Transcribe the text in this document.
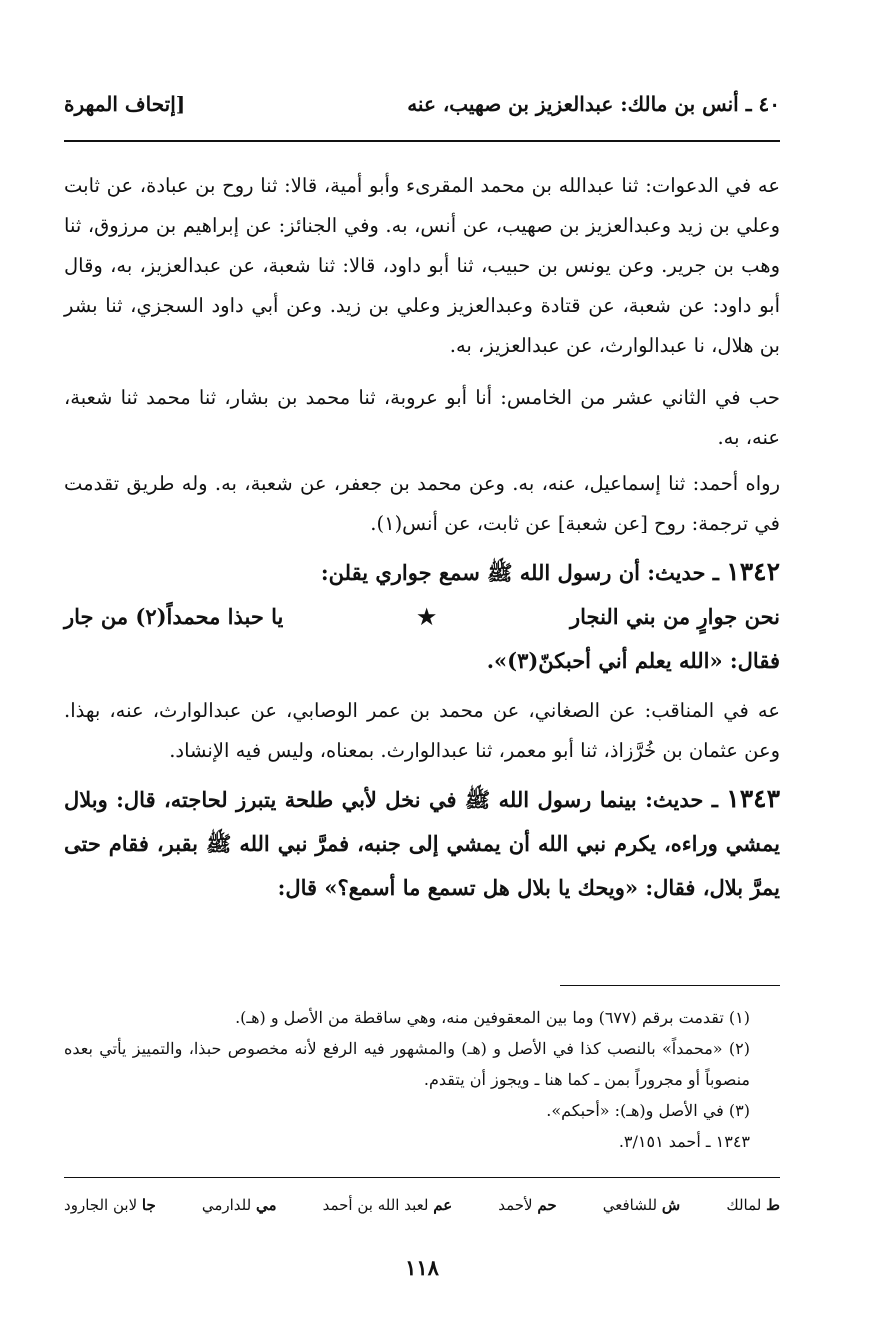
٤٠ ـ أنس بن مالك: عبدالعزيز بن صهيب، عنه
[إتحاف المهرة

عه في الدعوات: ثنا عبدالله بن محمد المقرىء وأبو أمية، قالا: ثنا روح بن عبادة، عن ثابت وعلي بن زيد وعبدالعزيز بن صهيب، عن أنس، به. وفي الجنائز: عن إبراهيم بن مرزوق، ثنا وهب بن جرير. وعن يونس بن حبيب، ثنا أبو داود، قالا: ثنا شعبة، عن عبدالعزيز، به، وقال أبو داود: عن شعبة، عن قتادة وعبدالعزيز وعلي بن زيد. وعن أبي داود السجزي، ثنا بشر بن هلال، نا عبدالوارث، عن عبدالعزيز، به.

حب في الثاني عشر من الخامس: أنا أبو عروبة، ثنا محمد بن بشار، ثنا محمد ثنا شعبة، عنه، به.

رواه أحمد: ثنا إسماعيل، عنه، به. وعن محمد بن جعفر، عن شعبة، به. وله طريق تقدمت في ترجمة: روح [عن شعبة] عن ثابت، عن أنس(١).

١٣٤٢ ـ حديث: أن رسول الله ﷺ سمع جواري يقلن:

نحن جوارٍ من بني النجار
★
يا حبذا محمداً(٢) من جار

فقال: «الله يعلم أني أحبكنّ(٣)».

عه في المناقب: عن الصغاني، عن محمد بن عمر الوصابي، عن عبدالوارث، عنه، بهذا. وعن عثمان بن خُرَّزاذ، ثنا أبو معمر، ثنا عبدالوارث. بمعناه، وليس فيه الإنشاد.

١٣٤٣ ـ حديث: بينما رسول الله ﷺ في نخل لأبي طلحة يتبرز لحاجته، قال: وبلال يمشي وراءه، يكرم نبي الله أن يمشي إلى جنبه، فمرَّ نبي الله ﷺ بقبر، فقام حتى يمرَّ بلال، فقال: «ويحك يا بلال هل تسمع ما أسمع؟» قال:

(١) تقدمت برقم (٦٧٧) وما بين المعقوفين منه، وهي ساقطة من الأصل و (هـ).

(٢) «محمداً» بالنصب كذا في الأصل و (هـ) والمشهور فيه الرفع لأنه مخصوص حبذا، والتمييز يأتي بعده منصوباً أو مجروراً بمن ـ كما هنا ـ ويجوز أن يتقدم.

(٣) في الأصل و(هـ): «أحبكم».

١٣٤٣ ـ أحمد ٣/١٥١.

ط لمالك
ش للشافعي
حم لأحمد
عم لعبد الله بن أحمد
مي للدارمي
جا لابن الجارود
١١٨
